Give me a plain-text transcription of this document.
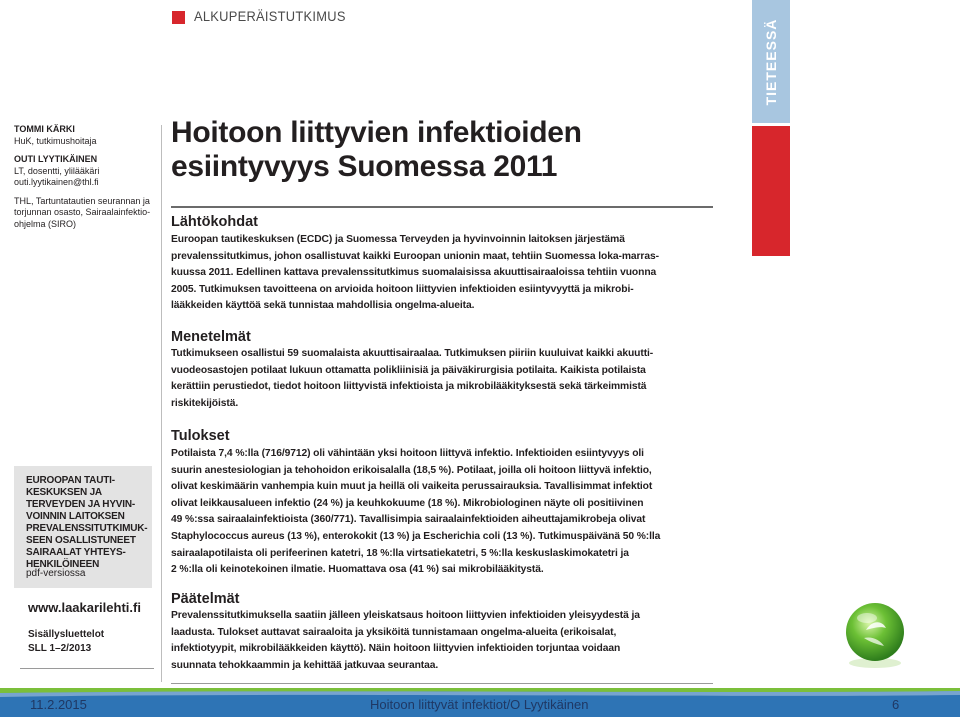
ALKUPERÄISTUTKIMUS
TIETEESSÄ
TOMMI KÄRKI
HuK, tutkimushoitaja
OUTI LYYTIKÄINEN
LT, dosentti, ylilääkäri
outi.lyytikainen@thl.fi
THL, Tartuntatautien seurannan ja
torjunnan osasto, Sairaalainfektio-
ohjelma (SIRO)
EUROOPAN TAUTI-
KESKUKSEN JA
TERVEYDEN JA HYVIN-
VOINNIN LAITOKSEN
PREVALENSSITUTKIMUK-
SEEN OSALLISTUNEET
SAIRAALAT YHTEYS-
HENKILÖINEEN
pdf-versiossa
www.laakarilehti.fi
Sisällysluettelot
SLL 1–2/2013
Hoitoon liittyvien infektioiden
esiintyvyys Suomessa 2011
Lähtökohdat
Euroopan tautikeskuksen (ECDC) ja Suomessa Terveyden ja hyvinvoinnin laitoksen järjestämä
prevalenssitutkimus, johon osallistuvat kaikki Euroopan unionin maat, tehtiin Suomessa loka-marras-
kuussa 2011. Edellinen kattava prevalenssitutkimus suomalaisissa akuuttisairaaloissa tehtiin vuonna
2005. Tutkimuksen tavoitteena on arvioida hoitoon liittyvien infektioiden esiintyvyyttä ja mikrobi-
lääkkeiden käyttöä sekä tunnistaa mahdollisia ongelma-alueita.
Menetelmät
Tutkimukseen osallistui 59 suomalaista akuuttisairaalaa. Tutkimuksen piiriin kuuluivat kaikki akuutti-
vuodeosastojen potilaat lukuun ottamatta polikliinisiä ja päiväkirurgisia potilaita. Kaikista potilaista
kerättiin perustiedot, tiedot hoitoon liittyvistä infektioista ja mikrobilääkityksestä sekä tärkeimmistä
riskitekijöistä.
Tulokset
Potilaista 7,4 %:lla (716/9712) oli vähintään yksi hoitoon liittyvä infektio. Infektioiden esiintyvyys oli
suurin anestesiologian ja tehohoidon erikoisalalla (18,5 %). Potilaat, joilla oli hoitoon liittyvä infektio,
olivat keskimäärin vanhempia kuin muut ja heillä oli vaikeita perussairauksia. Tavallisimmat infektiot
olivat leikkausalueen infektio (24 %) ja keuhkokuume (18 %). Mikrobiologinen näyte oli positiivinen
49 %:ssa sairaalainfektioista (360/771). Tavallisimpia sairaalainfektioiden aiheuttajamikrobeja olivat
Staphylococcus aureus (13 %), enterokokit (13 %) ja Escherichia coli (13 %). Tutkimuspäivänä 50 %:lla
sairaalapotilaista oli perifeerinen katetri, 18 %:lla virtsatiekatetri, 5 %:lla keskuslaskimokatetri ja
2 %:lla oli keinotekoinen ilmatie. Huomattava osa (41 %) sai mikrobilääkitystä.
Päätelmät
Prevalenssitutkimuksella saatiin jälleen yleiskatsaus hoitoon liittyvien infektioiden yleisyydestä ja
laadusta. Tulokset auttavat sairaaloita ja yksiköitä tunnistamaan ongelma-alueita (erikoisalat,
infektiotyypit, mikrobilääkkeiden käyttö). Näin hoitoon liittyvien infektioiden torjuntaa voidaan
suunnata tehokkaammin ja kehittää jatkuvaa seurantaa.
11.2.2015	Hoitoon liittyvät infektiot/O Lyytikäinen	6
